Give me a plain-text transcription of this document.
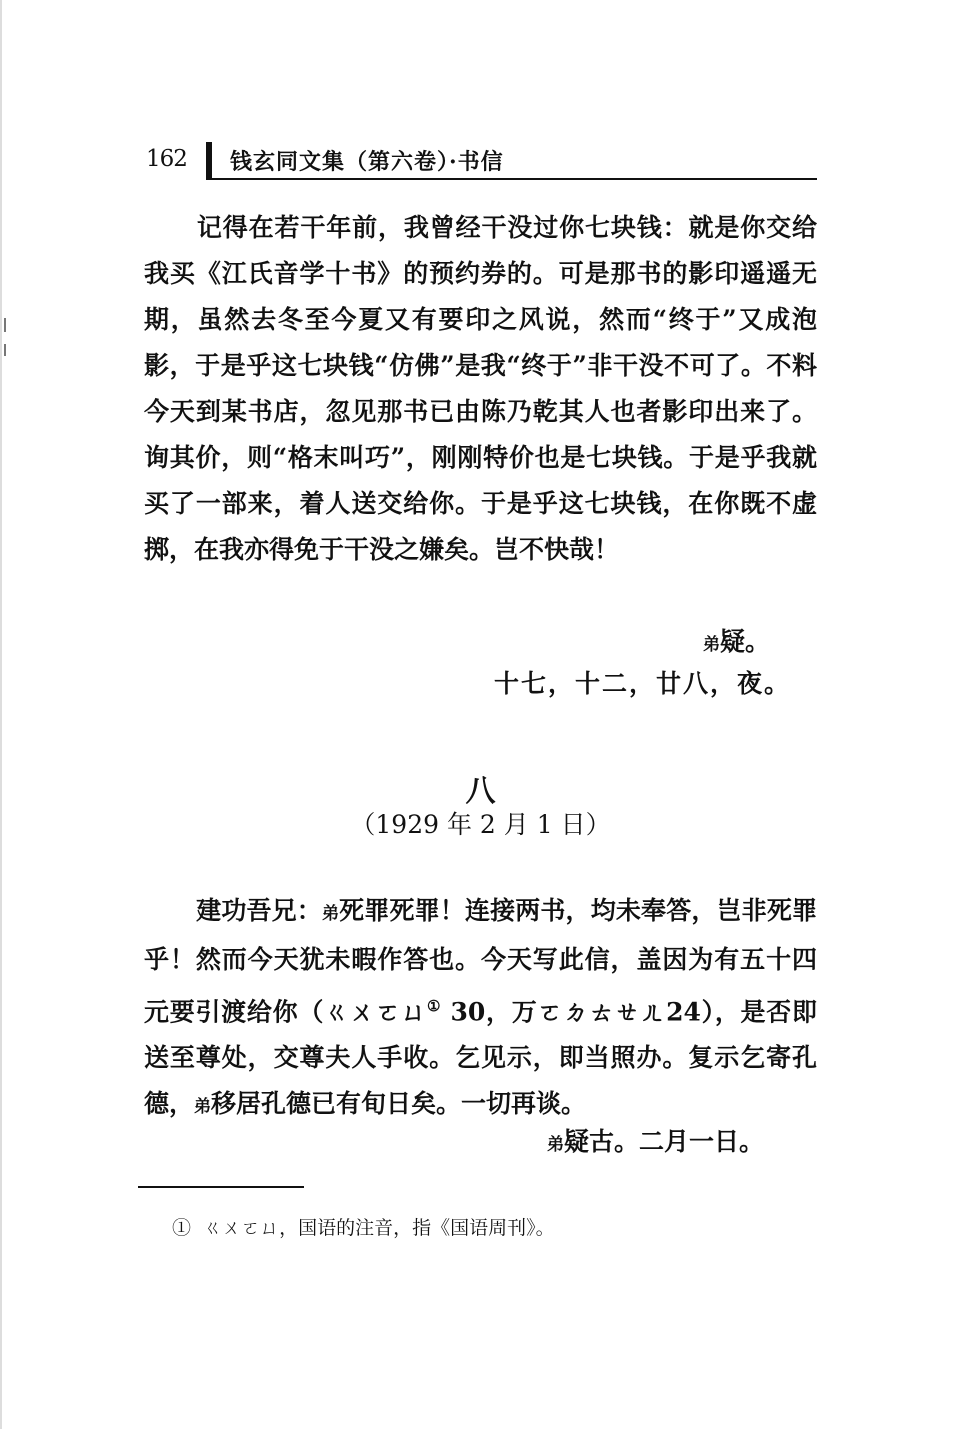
162 钱玄同文集（第六卷）·书信

记得在若干年前，我曾经干没过你七块钱：就是你交给我买《江氏音学十书》的预约券的。可是那书的影印遥遥无期，虽然去冬至今夏又有要印之风说，然而“终于”又成泡影，于是乎这七块钱“仿佛”是我“终于”非干没不可了。不料今天到某书店，忽见那书已由陈乃乾其人也者影印出来了。询其价，则“格末叫巧”，刚刚特价也是七块钱。于是乎我就买了一部来，着人送交给你。于是乎这七块钱，在你既不虚掷，在我亦得免于干没之嫌矣。岂不快哉！

弟疑。
十七，十二，廿八，夜。
八
（1929 年 2 月 1 日）

建功吾兄：弟死罪死罪！连接两书，均未奉答，岂非死罪乎！然而今天犹未暇作答也。今天写此信，盖因为有五十四元要引渡给你（ㄍㄨㄛㄩ① 30，万ㄛㄉㄊㄝㄦ24），是否即送至尊处，交尊夫人手收。乞见示，即当照办。复示乞寄孔德，弟移居孔德已有旬日矣。一切再谈。

弟疑古。二月一日。
① ㄍㄨㄛㄩ，国语的注音，指《国语周刊》。
